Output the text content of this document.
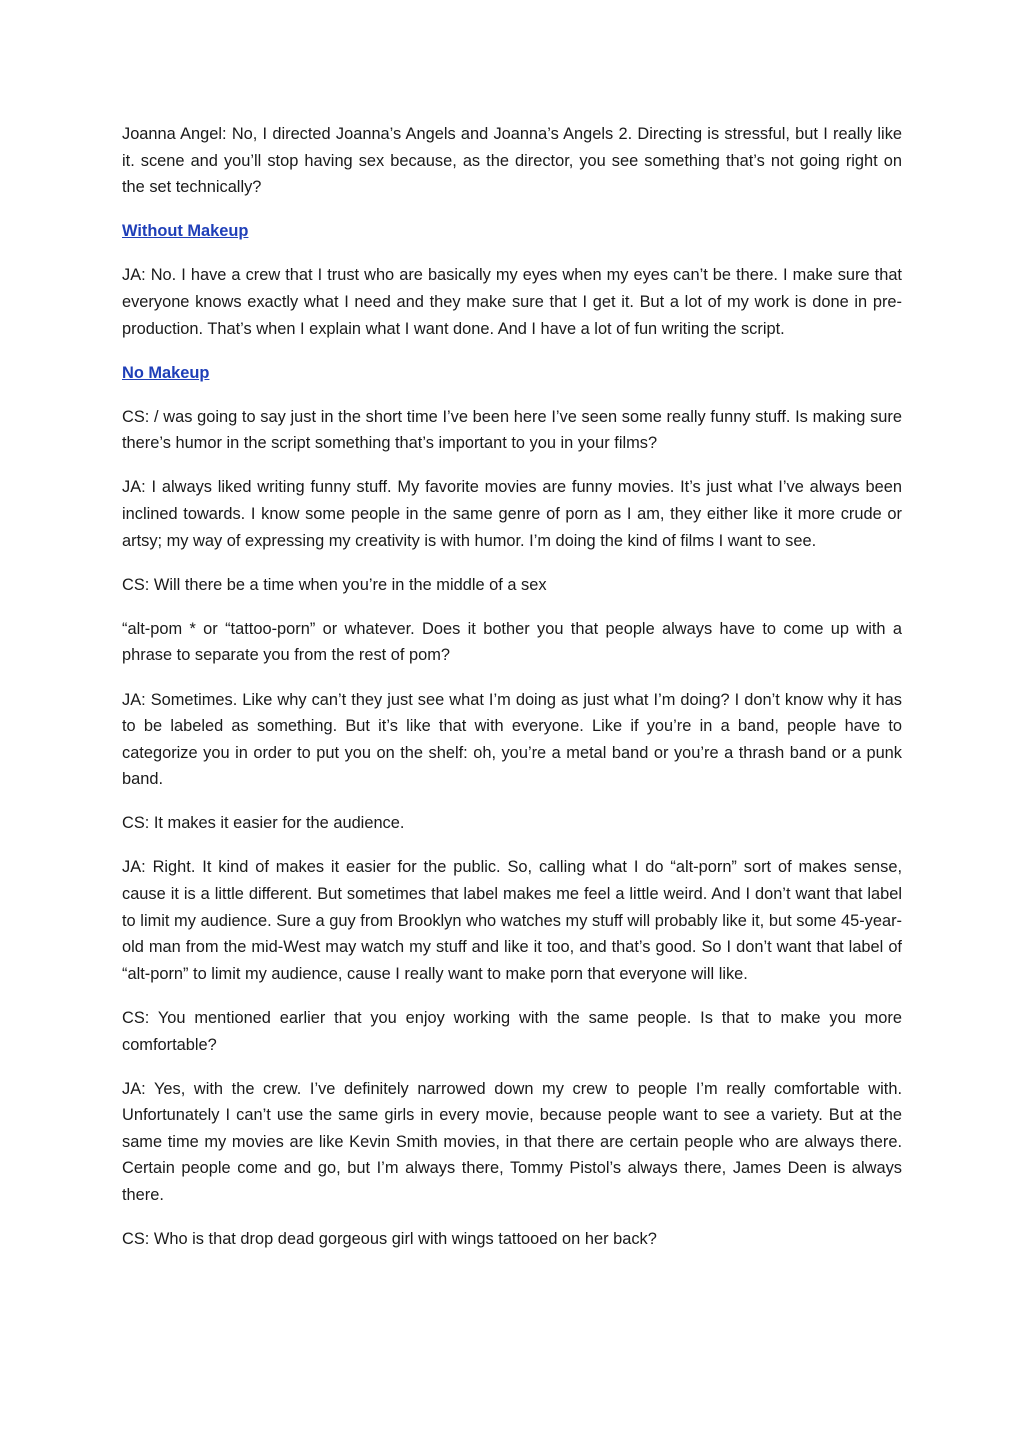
Joanna Angel: No, I directed Joanna’s Angels and Joanna’s Angels 2. Directing is stressful, but I really like it. scene and you’ll stop having sex because, as the director, you see something that’s not going right on the set technically?

Without Makeup

JA: No. I have a crew that I trust who are basically my eyes when my eyes can’t be there. I make sure that everyone knows exactly what I need and they make sure that I get it. But a lot of my work is done in pre-production. That’s when I explain what I want done. And I have a lot of fun writing the script.

No Makeup

CS: / was going to say just in the short time I’ve been here I’ve seen some really funny stuff. Is making sure there’s humor in the script something that’s important to you in your films?

JA: I always liked writing funny stuff. My favorite movies are funny movies. It’s just what I’ve always been inclined towards. I know some people in the same genre of porn as I am, they either like it more crude or artsy; my way of expressing my creativity is with humor. I’m doing the kind of films I want to see.

CS: Will there be a time when you’re in the middle of a sex

“alt-pom * or “tattoo-porn” or whatever. Does it bother you that people always have to come up with a phrase to separate you from the rest of pom?

JA: Sometimes. Like why can’t they just see what I’m doing as just what I’m doing? I don’t know why it has to be labeled as something. But it’s like that with everyone. Like if you’re in a band, people have to categorize you in order to put you on the shelf: oh, you’re a metal band or you’re a thrash band or a punk band.

CS: It makes it easier for the audience.

JA: Right. It kind of makes it easier for the public. So, calling what I do “alt-porn” sort of makes sense, cause it is a little different. But sometimes that label makes me feel a little weird. And I don’t want that label to limit my audience. Sure a guy from Brooklyn who watches my stuff will probably like it, but some 45-year-old man from the mid-West may watch my stuff and like it too, and that’s good. So I don’t want that label of “alt-porn” to limit my audience, cause I really want to make porn that everyone will like.

CS: You mentioned earlier that you enjoy working with the same people. Is that to make you more comfortable?

JA: Yes, with the crew. I’ve definitely narrowed down my crew to people I’m really comfortable with. Unfortunately I can’t use the same girls in every movie, because people want to see a variety. But at the same time my movies are like Kevin Smith movies, in that there are certain people who are always there. Certain people come and go, but I’m always there, Tommy Pistol’s always there, James Deen is always there.

CS: Who is that drop dead gorgeous girl with wings tattooed on her back?
